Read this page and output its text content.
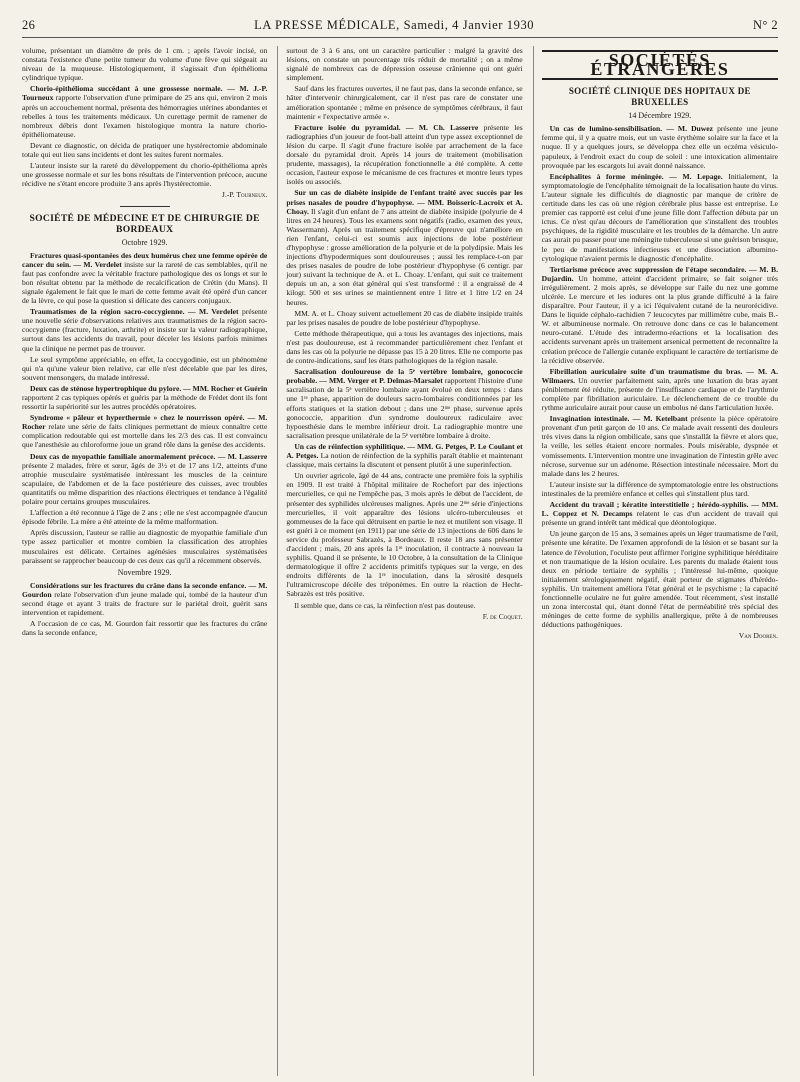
26	LA PRESSE MÉDICALE, Samedi, 4 Janvier 1930	N° 2

volume, présentant un diamètre de près de 1 cm. ; après l'avoir incisé, on constata l'existence d'une petite tumeur du volume d'une fève qui siégeait au niveau de la muqueuse. Histologiquement, il s'agissait d'un épithélioma cylindrique typique.

Chorio-épithélioma succédant à une grossesse normale. — M. J.-P. Tourneux rapporte l'observation d'une primipare de 25 ans qui, environ 2 mois après un accouchement normal, présenta des hémorragies utérines abondantes et rebelles à tous les traitements médicaux. Un curettage permit de ramener de nombreux débris dont l'examen histologique montra la nature chorio-épithéliomateuse.

Devant ce diagnostic, on décida de pratiquer une hystérectomie abdominale totale qui eut lieu sans incidents et dont les suites furent normales.

L'auteur insiste sur la rareté du développement du chorio-épithélioma après une grossesse normale et sur les bons résultats de l'intervention précoce, aucune récidive ne s'étant encore produite 3 ans après l'hystérectomie.

J.-P. Tourneux.
SOCIÉTÉ DE MÉDECINE ET DE CHIRURGIE DE BORDEAUX
Octobre 1929.

Fractures quasi-spontanées des deux humérus chez une femme opérée de cancer du sein. — M. Verdelet insiste sur la rareté de cas semblables, qu'il ne faut pas confondre avec la véritable fracture pathologique des os longs et sur le bon résultat obtenu par la méthode de recalcification de Crétin (du Mans). Il signale également le fait que le mari de cette femme avait été opéré d'un cancer de la lèvre, ce qui pose la question si délicate des cancers conjugaux.

Traumatismes de la région sacro-coccygienne. — M. Verdelet présente une nouvelle série d'observations relatives aux traumatismes de la région sacro-coccygienne (fracture, luxation, arthrite) et insiste sur la valeur radiographique, surtout dans les accidents du travail, pour déceler les lésions parfois minimes que la clinique ne permet pas de trouver.

Le seul symptôme appréciable, en effet, la coccygodinie, est un phénomène qui n'a qu'une valeur bien relative, car elle n'est décelable que par les dires, souvent mensongers, du malade intéressé.

Deux cas de sténose hypertrophique du pylore. — MM. Rocher et Guérin rapportent 2 cas typiques opérés et guéris par la méthode de Frédet dont ils font ressortir la supériorité sur les autres procédés opératoires.

Syndrome « pâleur et hyperthermie » chez le nourrisson opéré. — M. Rocher relate une série de faits cliniques permettant de mieux connaître cette complication redoutable qui est mortelle dans les 2/3 des cas. Il est convaincu que l'anesthésie au chloroforme joue un grand rôle dans la genèse des accidents.

Deux cas de myopathie familiale anormalement précoce. — M. Lasserre présente 2 malades, frère et sœur, âgés de 3½ et de 17 ans 1/2, atteints d'une atrophie musculaire systématisée intéressant les muscles de la ceinture scapulaire, de l'abdomen et de la face postérieure des cuisses, avec troubles quantitatifs ou même disparition des réactions électriques et tendance à l'égalité polaire pour certains groupes musculaires.

L'affection a été reconnue à l'âge de 2 ans ; elle ne s'est accompagnée d'aucun épisode fébrile. La mère a été atteinte de la même malformation.

Après discussion, l'auteur se rallie au diagnostic de myopathie familiale d'un type assez particulier et montre combien la classification des atrophies musculaires est délicate. Certaines agénésies musculaires systématisées paraissent se rapprocher beaucoup de ces deux cas qu'il a récemment observés.

Novembre 1929.

Considérations sur les fractures du crâne dans la seconde enfance. — M. Gourdon relate l'observation d'un jeune malade qui, tombé de la hauteur d'un second étage et ayant 3 traits de fracture sur le pariétal droit, guérit sans intervention et rapidement.

A l'occasion de ce cas, M. Gourdon fait ressortir que les fractures du crâne dans la seconde enfance,

surtout de 3 à 6 ans, ont un caractère particulier : malgré la gravité des lésions, on constate un pourcentage très réduit de mortalité ; on a même signalé de nombreux cas de dépression osseuse crânienne qui ont guéri simplement.

Sauf dans les fractures ouvertes, il ne faut pas, dans la seconde enfance, se hâter d'intervenir chirurgicalement, car il n'est pas rare de constater une amélioration spontanée ; même en présence de symptômes cérébraux, il faut maintenir « l'expectative armée ».

Fracture isolée du pyramidal. — M. Ch. Lasserre présente les radiographies d'un joueur de foot-ball atteint d'un type assez exceptionnel de lésion du carpe. Il s'agit d'une fracture isolée par arrachement de la face dorsale du pyramidal droit. Après 14 jours de traitement (mobilisation prudente, massages), la récupération fonctionnelle a été complète. A cette occasion, l'auteur expose le mécanisme de ces fractures et montre leurs types isolés ou associés.

Sur un cas de diabète insipide de l'enfant traité avec succès par les prises nasales de poudre d'hypophyse. — MM. Boisseric-Lacroix et A. Choay. Il s'agit d'un enfant de 7 ans atteint de diabète insipide (polyurie de 4 litres en 24 heures). Tous les examens sont négatifs (radio, examen des yeux, Wassermann). Après un traitement spécifique d'épreuve qui n'améliore en rien l'enfant, celui-ci est soumis aux injections de lobe postérieur d'hypophyse : grosse amélioration de la polyurie et de la polydipsie. Mais les injections d'hypodermiques sont douloureuses ; aussi les remplace-t-on par des prises nasales de poudre de lobe postérieur d'hypophyse (6 centigr. par jour) suivant la technique de A. et L. Choay. L'enfant, qui suit ce traitement depuis un an, a son état général qui s'est transformé : il a engraissé de 4 kilogr. 500 et ses urines se maintiennent entre 1 litre et 1 litre 1/2 en 24 heures.

MM. A. et L. Choay suivent actuellement 20 cas de diabète insipide traités par les prises nasales de poudre de lobe postérieur d'hypophyse.

Cette méthode thérapeutique, qui a tous les avantages des injections, mais n'est pas douloureuse, est à recommander particulièrement chez l'enfant et dans les cas où la polyurie ne dépasse pas 15 à 20 litres. Elle ne comporte pas de contre-indications, sauf les états pathologiques de la région nasale.

Sacralisation douloureuse de la 5ᵉ vertèbre lombaire, gonococcie probable. — MM. Verger et P. Delmas-Marsalet rapportent l'histoire d'une sacralisation de la 5ᵉ vertèbre lombaire ayant évolué en deux temps : dans une 1ʳᵉ phase, apparition de douleurs sacro-lombaires conditionnées par les efforts statiques et la station debout ; dans une 2ᵐᵉ phase, survenue après gonococcie, apparition d'un syndrome douloureux radiculaire avec hypoesthésie dans le membre inférieur droit. La radiographie montre une sacralisation presque unilatérale de la 5ᵉ vertèbre lombaire à droite.

Un cas de réinfection syphilitique. — MM. G. Petges, P. Le Coulant et A. Petges. La notion de réinfection de la syphilis paraît établie et maintenant classique, mais certains la discutent et pensent plutôt à une superinfection.

Un ouvrier agricole, âgé de 44 ans, contracte une première fois la syphilis en 1909. Il est traité à l'hôpital militaire de Rochefort par des injections mercurielles, ce qui ne l'empêche pas, 3 mois après le début de l'accident, de présenter des syphilides ulcéreuses malignes. Après une 2ᵐᵉ série d'injections mercurielles, il voit apparaître des lésions ulcéro-tuberculeuses et gommeuses de la face qui détruisent en partie le nez et mutilent son visage. Il est guéri à ce moment (en 1911) par une série de 13 injections de 606 dans le service du professeur Sabrazès, à Bordeaux. Il reste 18 ans sans présenter d'accident ; mais, 20 ans après la 1ʳᵉ inoculation, il contracte à nouveau la syphilis. Quand il se présente, le 10 Octobre, à la consultation de la Clinique dermatologique il offre 2 accidents primitifs typiques sur la verge, en des endroits différents de la 1ʳᵉ inoculation, dans la sérosité desquels l'ultramicroscope décèle des tréponèmes. En outre la réaction de Hecht-Sabrazès est très positive.

Il semble que, dans ce cas, la réinfection n'est pas douteuse.

F. de Coquet.
SOCIÉTÉS ÉTRANGÈRES
SOCIÉTÉ CLINIQUE DES HOPITAUX DE BRUXELLES
14 Décembre 1929.

Un cas de lumino-sensibilisation. — M. Duwez présente une jeune femme qui, il y a quatre mois, eut un vaste érythème solaire sur la face et la nuque. Il y a quelques jours, se développa chez elle un eczéma vésiculo-papuleux, à l'endroit exact du coup de soleil : une intoxication alimentaire provoquée par les escargots lui avait donné naissance.

Encéphalites à forme méningée. — M. Lepage. Initialement, la symptomatologie de l'encéphalite témoignait de la localisation haute du virus. L'auteur signale les difficultés de diagnostic par manque de critère de certitude dans les cas où une région cérébrale plus basse est entreprise. Le premier cas rapporté est celui d'une jeune fille dont l'affection débuta par un ictus. Ce n'est qu'au décours de l'amélioration que s'installent des troubles psychiques, de la rigidité musculaire et les troubles de la démarche. Un autre cas aurait pu passer pour une méningite tuberculeuse si une guérison brusque, le peu de manifestations infectieuses et une dissociation albumino-cytologique n'avaient permis le diagnostic d'encéphalite.

Tertiarisme précoce avec suppression de l'étape secondaire. — M. B. Dujardin. Un homme, atteint d'accident primaire, se fait soigner très irrégulièrement. 2 mois après, se développe sur l'aile du nez une gomme ulcérée. Le mercure et les iodures ont la plus grande difficulté à la faire disparaître. Pour l'auteur, il y a ici l'équivalent cutané de la neurorécidive. Dans le liquide céphalo-rachidien 7 leucocytes par millimètre cube, mais B.-W. et albumineuse normale. On retrouve donc dans ce cas le balancement neuro-cutané. L'étude des intradermo-réactions et la localisation des accidents survenant après un traitement arsenical permettent de reconnaître la création précoce de l'allergie cutanée expliquant le caractère de tertiarisme de la récidive observée.

Fibrillation auriculaire suite d'un traumatisme du bras. — M. A. Wilmaers. Un ouvrier parfaitement sain, après une luxation du bras ayant péniblement été réduite, présente de l'insuffisance cardiaque et de l'arythmie complète par fibrillation auriculaire. Le déclenchement de ce trouble du rythme auriculaire aurait pour cause un embolus né dans l'articulation luxée.

Invagination intestinale. — M. Ketelbant présente la pièce opératoire provenant d'un petit garçon de 10 ans. Ce malade avait ressenti des douleurs très vives dans la région ombilicale, sans que s'installât la fièvre et alors que, la veille, les selles étaient encore normales. Pouls misérable, dyspnée et vomissements. L'intervention montre une invagination de l'intestin grêle avec nécrose, survenue sur un adénome. Résection intestinale nécessaire. Mort du malade dans les 2 heures.

L'auteur insiste sur la différence de symptomatologie entre les obstructions intestinales de la première enfance et celles qui s'installent plus tard.

Accident du travail ; kératite interstitielle ; hérédo-syphilis. — MM. L. Coppez et N. Decamps relatent le cas d'un accident de travail qui présente un grand intérêt tant médical que déontologique.

Un jeune garçon de 15 ans, 3 semaines après un léger traumatisme de l'œil, présente une kératite. De l'examen approfondi de la lésion et se basant sur la latence de l'évolution, l'oculiste peut affirmer l'origine syphilitique héréditaire et non traumatique de la lésion oculaire. Les parents du malade étaient tous deux en période tertiaire de syphilis ; l'intéressé lui-même, quoique initialement sérologiquement négatif, était porteur de stigmates d'hérédo-syphilis. Un traitement améliora l'état général et le psychisme ; la capacité fonctionnelle oculaire ne fut guère amendée. Tout récemment, s'est installé un zona intercostal qui, étant donné l'état de perméabilité très spécial des méninges de cette forme de syphilis anallergique, prête à de nombreuses déductions pathogéniques.

Van Dooren.
